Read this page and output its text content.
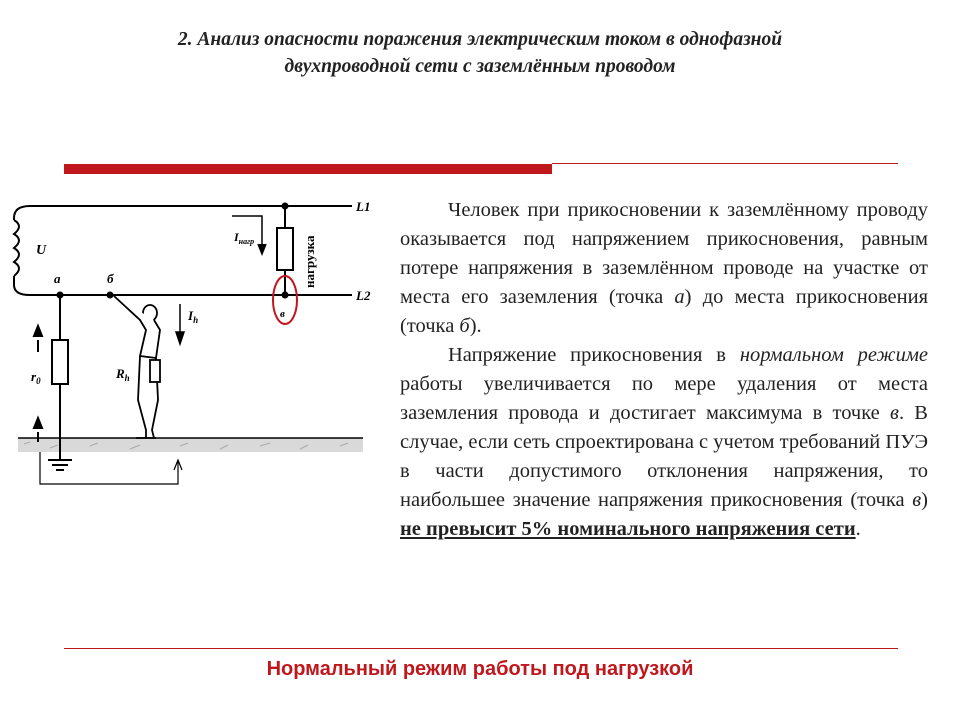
2. Анализ опасности поражения электрическим током в однофазной
двухпроводной сети с заземлённым проводом
L1
L2
U
а	б
в
$r_0$	$R_h$
$I_h$
$I_{нагр}$	нагрузка

Человек при прикосновении к заземлённому проводу оказывается под напряжением прикосновения, равным потере напряжения в заземлённом проводе на участке от места его заземления (точка а) до места прикосновения (точка б).

Напряжение прикосновения в нормальном режиме работы увеличивается по мере удаления от места заземления провода и достигает максимума в точке в. В случае, если сеть спроектирована с учетом требований ПУЭ в части допустимого отклонения напряжения, то наибольшее значение напряжения прикосновения (точка в) не превысит 5% номинального напряжения сети.

Нормальный режим работы под нагрузкой
